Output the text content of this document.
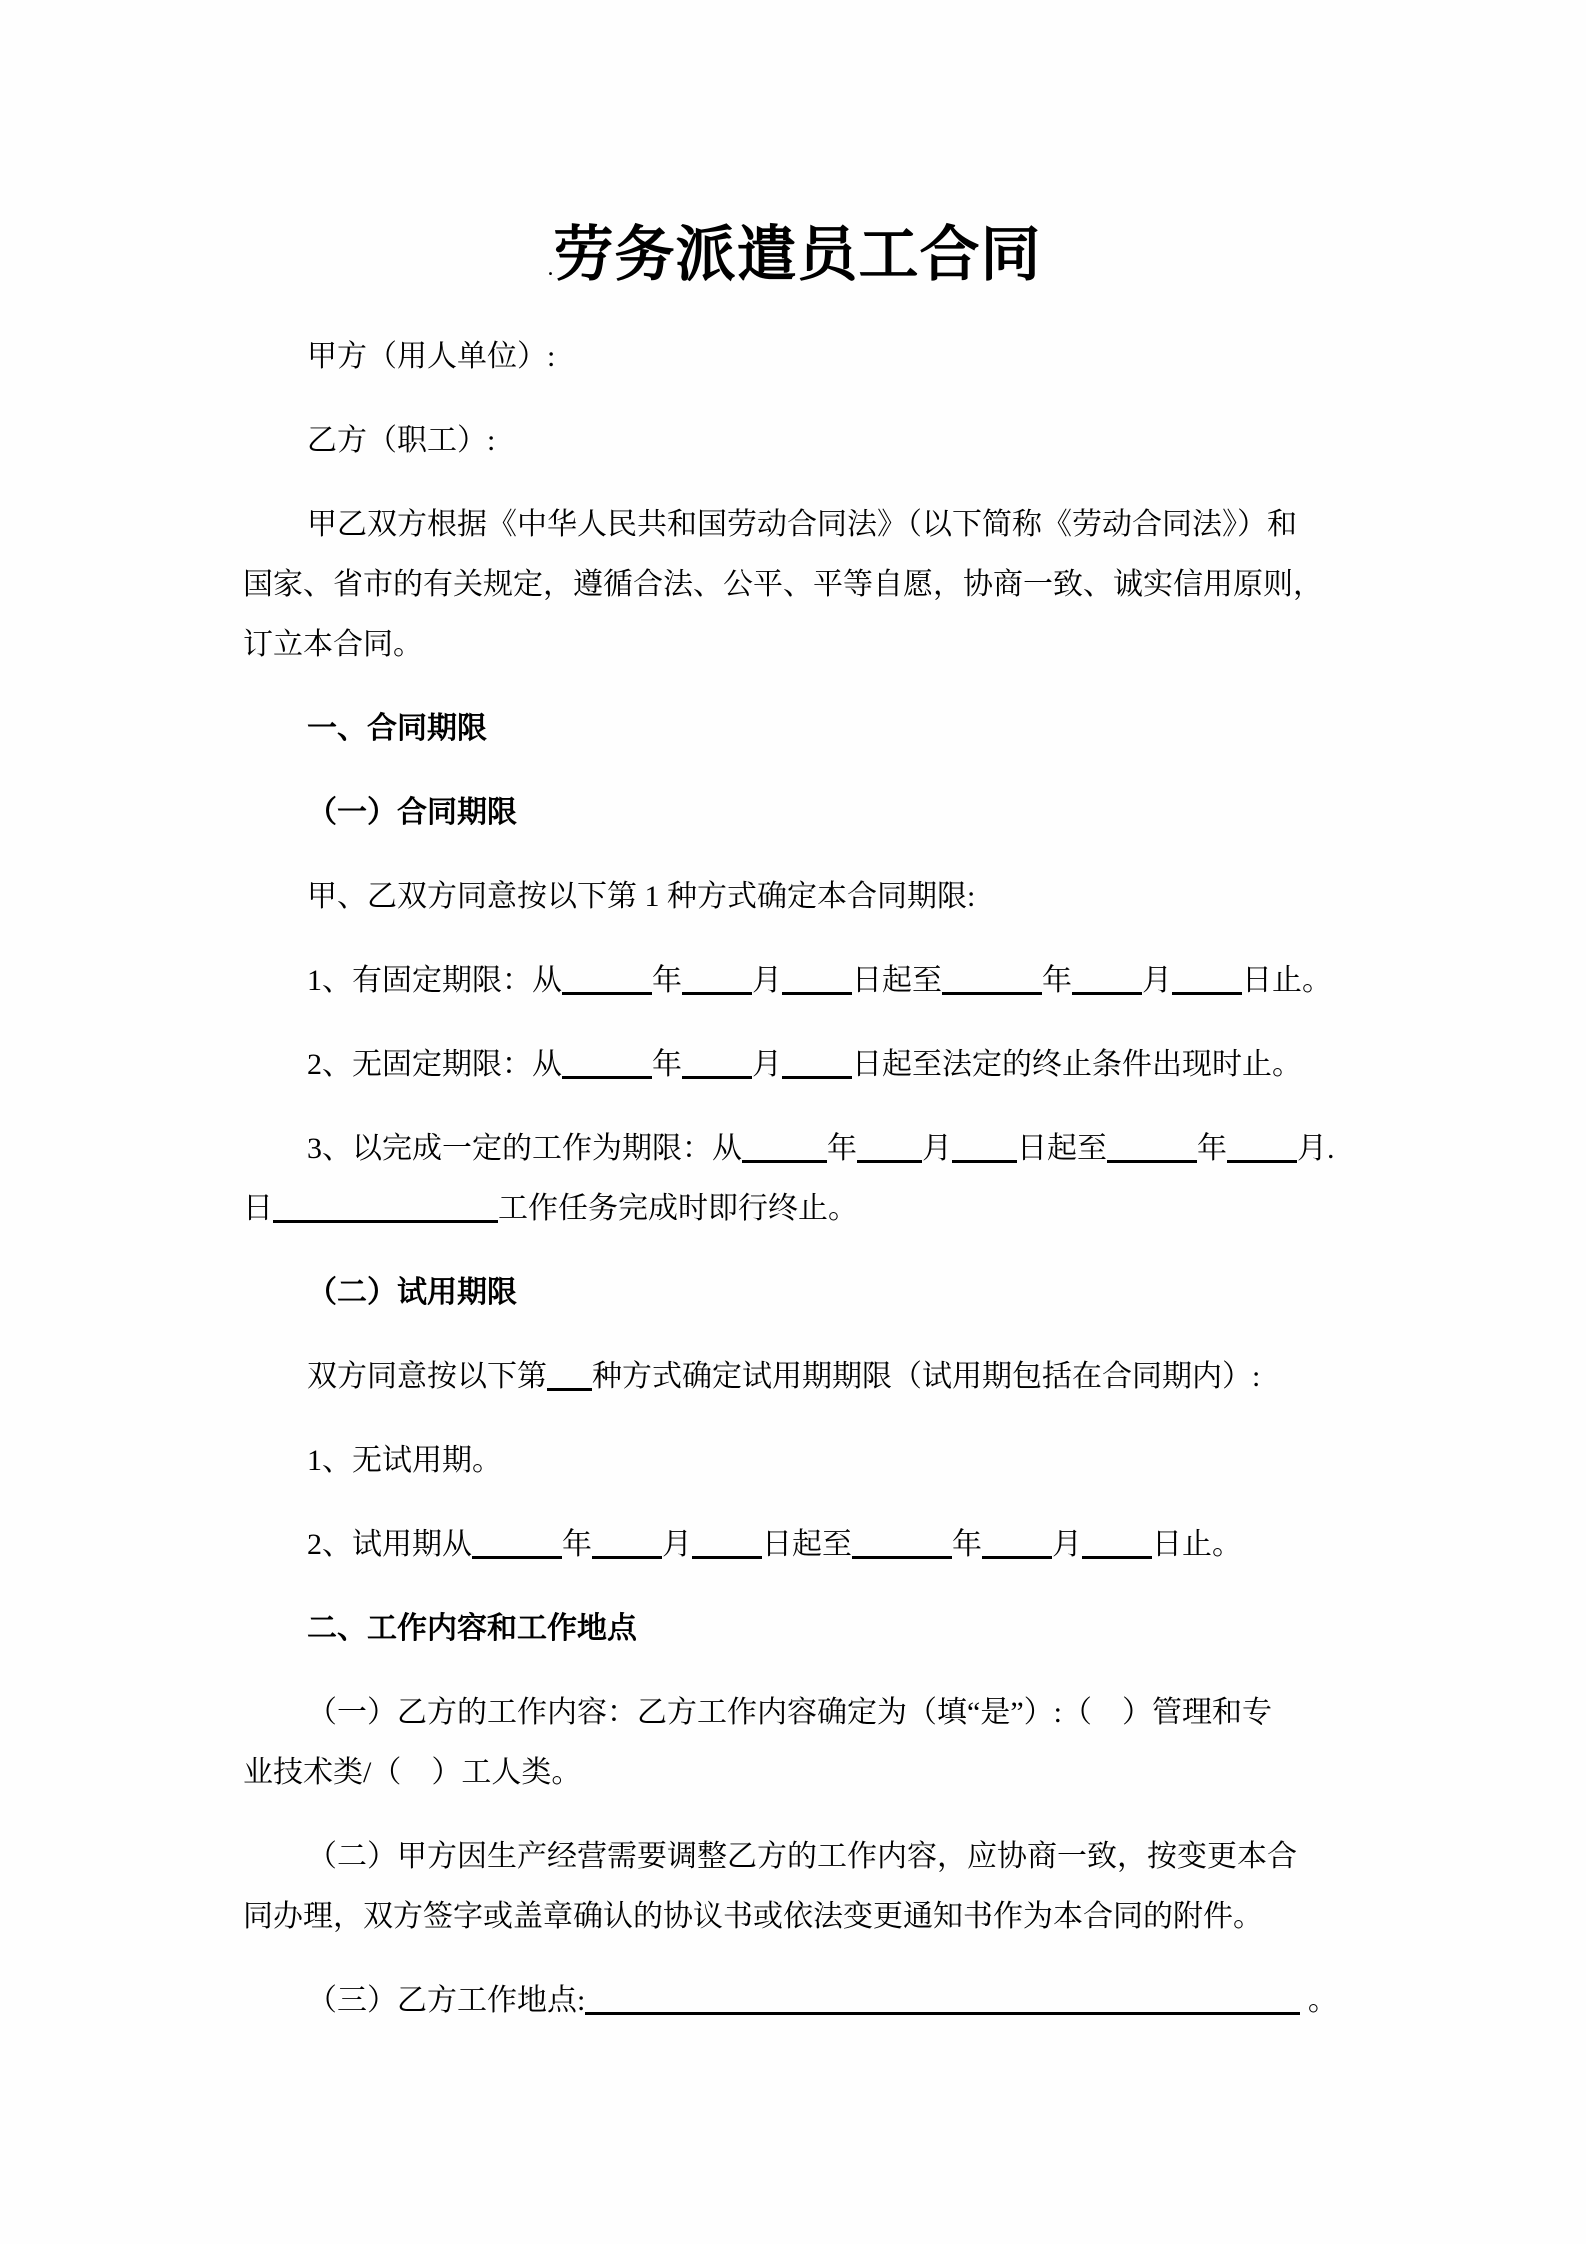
.劳务派遣员工合同
甲方（用人单位）:
乙方（职工）:
甲乙双方根据《中华人民共和国劳动合同法》（以下简称《劳动合同法》）和
国家、省市的有关规定，遵循合法、公平、平等自愿，协商一致、诚实信用原则，
订立本合同。
一、合同期限
（一）合同期限
甲、乙双方同意按以下第 1 种方式确定本合同期限:
1、有固定期限：从	年 月 日起至	年 月 日止。
2、无固定期限：从	年 月 日起至法定的终止条件出现时止。
3、以完成一定的工作为期限：从	年 月 日起至	年 月.
日	工作任务完成时即行终止。
（二）试用期限
双方同意按以下第 种方式确定试用期期限（试用期包括在合同期内）:
1、无试用期。
2、试用期从	年 月 日起至	年 月 日止。
二、工作内容和工作地点
（一）乙方的工作内容：乙方工作内容确定为（填“是”）:（　）管理和专
业技术类/（　）工人类。
（二）甲方因生产经营需要调整乙方的工作内容，应协商一致，按变更本合
同办理，双方签字或盖章确认的协议书或依法变更通知书作为本合同的附件。
（三）乙方工作地点:	。
